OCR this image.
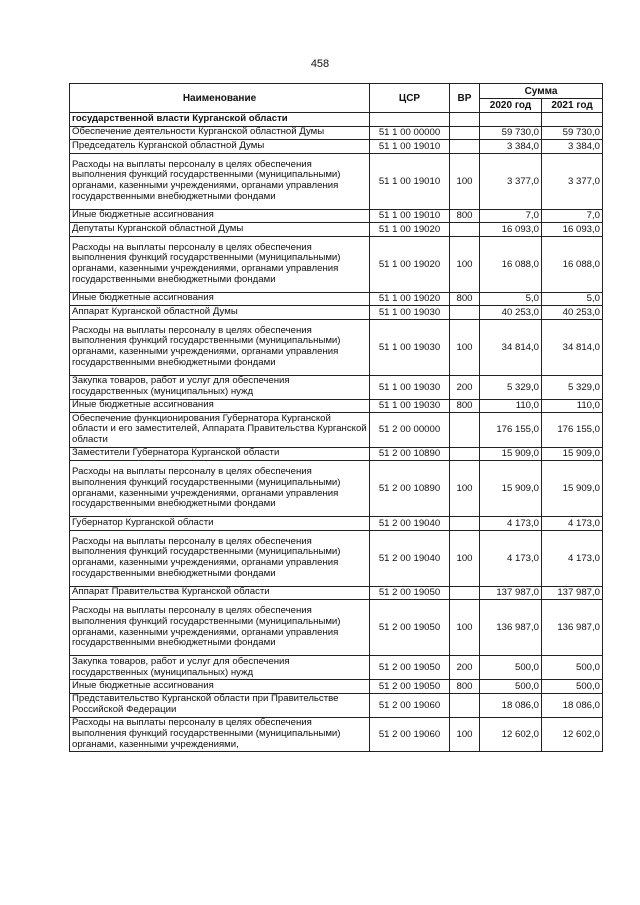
458
Наименование	ЦСР	ВР	Сумма	
			2020 год	2021 год
государственной власти Курганской области				
Обеспечение деятельности Курганской областной Думы	51 1 00 00000		59 730,0	59 730,0
Председатель Курганской областной Думы	51 1 00 19010		3 384,0	3 384,0
Расходы на выплаты персоналу в целях обеспечения выполнения функций государственными (муниципальными) органами, казенными учреждениями, органами управления государственными внебюджетными фондами	51 1 00 19010	100	3 377,0	3 377,0
Иные бюджетные ассигнования	51 1 00 19010	800	7,0	7,0
Депутаты Курганской областной Думы	51 1 00 19020		16 093,0	16 093,0
Расходы на выплаты персоналу в целях обеспечения выполнения функций государственными (муниципальными) органами, казенными учреждениями, органами управления государственными внебюджетными фондами	51 1 00 19020	100	16 088,0	16 088,0
Иные бюджетные ассигнования	51 1 00 19020	800	5,0	5,0
Аппарат Курганской областной Думы	51 1 00 19030		40 253,0	40 253,0
Расходы на выплаты персоналу в целях обеспечения выполнения функций государственными (муниципальными) органами, казенными учреждениями, органами управления государственными внебюджетными фондами	51 1 00 19030	100	34 814,0	34 814,0
Закупка товаров, работ и услуг для обеспечения государственных (муниципальных) нужд	51 1 00 19030	200	5 329,0	5 329,0
Иные бюджетные ассигнования	51 1 00 19030	800	110,0	110,0
Обеспечение функционирования Губернатора Курганской области и его заместителей, Аппарата Правительства Курганской области	51 2 00 00000		176 155,0	176 155,0
Заместители Губернатора Курганской области	51 2 00 10890		15 909,0	15 909,0
Расходы на выплаты персоналу в целях обеспечения выполнения функций государственными (муниципальными) органами, казенными учреждениями, органами управления государственными внебюджетными фондами	51 2 00 10890	100	15 909,0	15 909,0
Губернатор Курганской области	51 2 00 19040		4 173,0	4 173,0
Расходы на выплаты персоналу в целях обеспечения выполнения функций государственными (муниципальными) органами, казенными учреждениями, органами управления государственными внебюджетными фондами	51 2 00 19040	100	4 173,0	4 173,0
Аппарат Правительства Курганской области	51 2 00 19050		137 987,0	137 987,0
Расходы на выплаты персоналу в целях обеспечения выполнения функций государственными (муниципальными) органами, казенными учреждениями, органами управления государственными внебюджетными фондами	51 2 00 19050	100	136 987,0	136 987,0
Закупка товаров, работ и услуг для обеспечения государственных (муниципальных) нужд	51 2 00 19050	200	500,0	500,0
Иные бюджетные ассигнования	51 2 00 19050	800	500,0	500,0
Представительство Курганской области при Правительстве Российской Федерации	51 2 00 19060		18 086,0	18 086,0
Расходы на выплаты персоналу в целях обеспечения выполнения функций государственными (муниципальными) органами, казенными учреждениями,	51 2 00 19060	100	12 602,0	12 602,0
